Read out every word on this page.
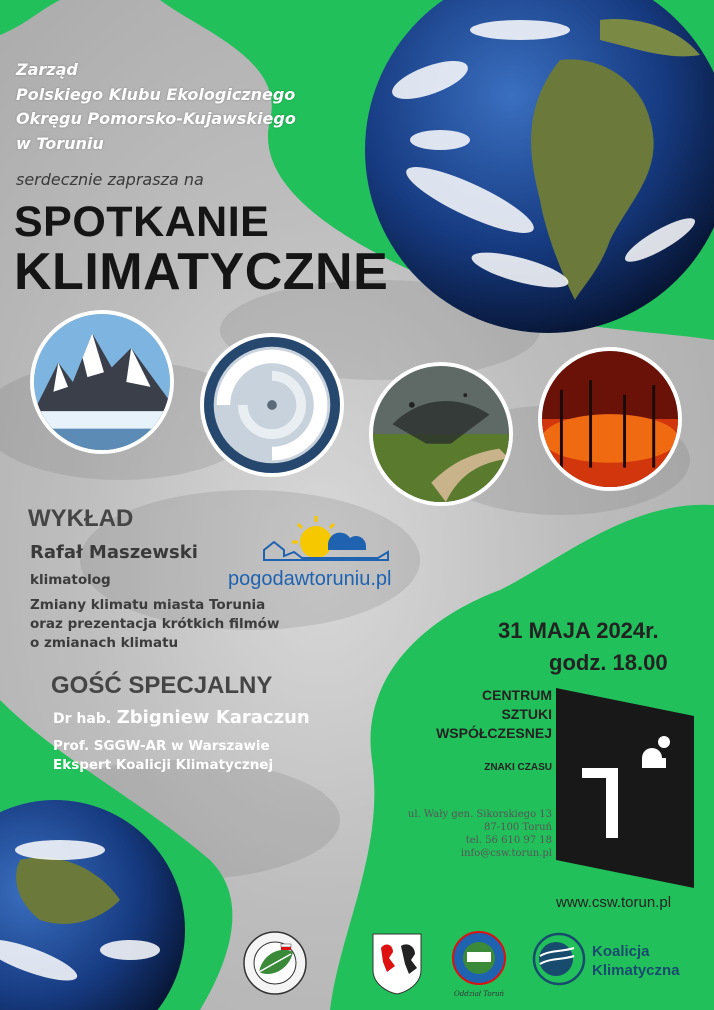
Zarząd
Polskiego Klubu Ekologicznego
Okręgu Pomorsko-Kujawskiego
w Toruniu
serdecznie zaprasza na
SPOTKANIE
KLIMATYCZNE
WYKŁAD
Rafał Maszewski
klimatolog
Zmiany klimatu miasta Torunia
oraz prezentacja krótkich filmów
o zmianach klimatu
pogodawtoruniu.pl
GOŚĆ SPECJALNY
Dr hab. Zbigniew Karaczun
Prof. SGGW-AR w Warszawie
Ekspert Koalicji Klimatycznej
31 MAJA 2024r.
godz. 18.00
CENTRUM
SZTUKI
WSPÓŁCZESNEJ
ZNAKI CZASU
ul. Wały gen. Sikorskiego 13
87-100 Toruń
tel. 56 610 97 18
info@csw.torun.pl
www.csw.torun.pl
Oddział Toruń
Koalicja
Klimatyczna
